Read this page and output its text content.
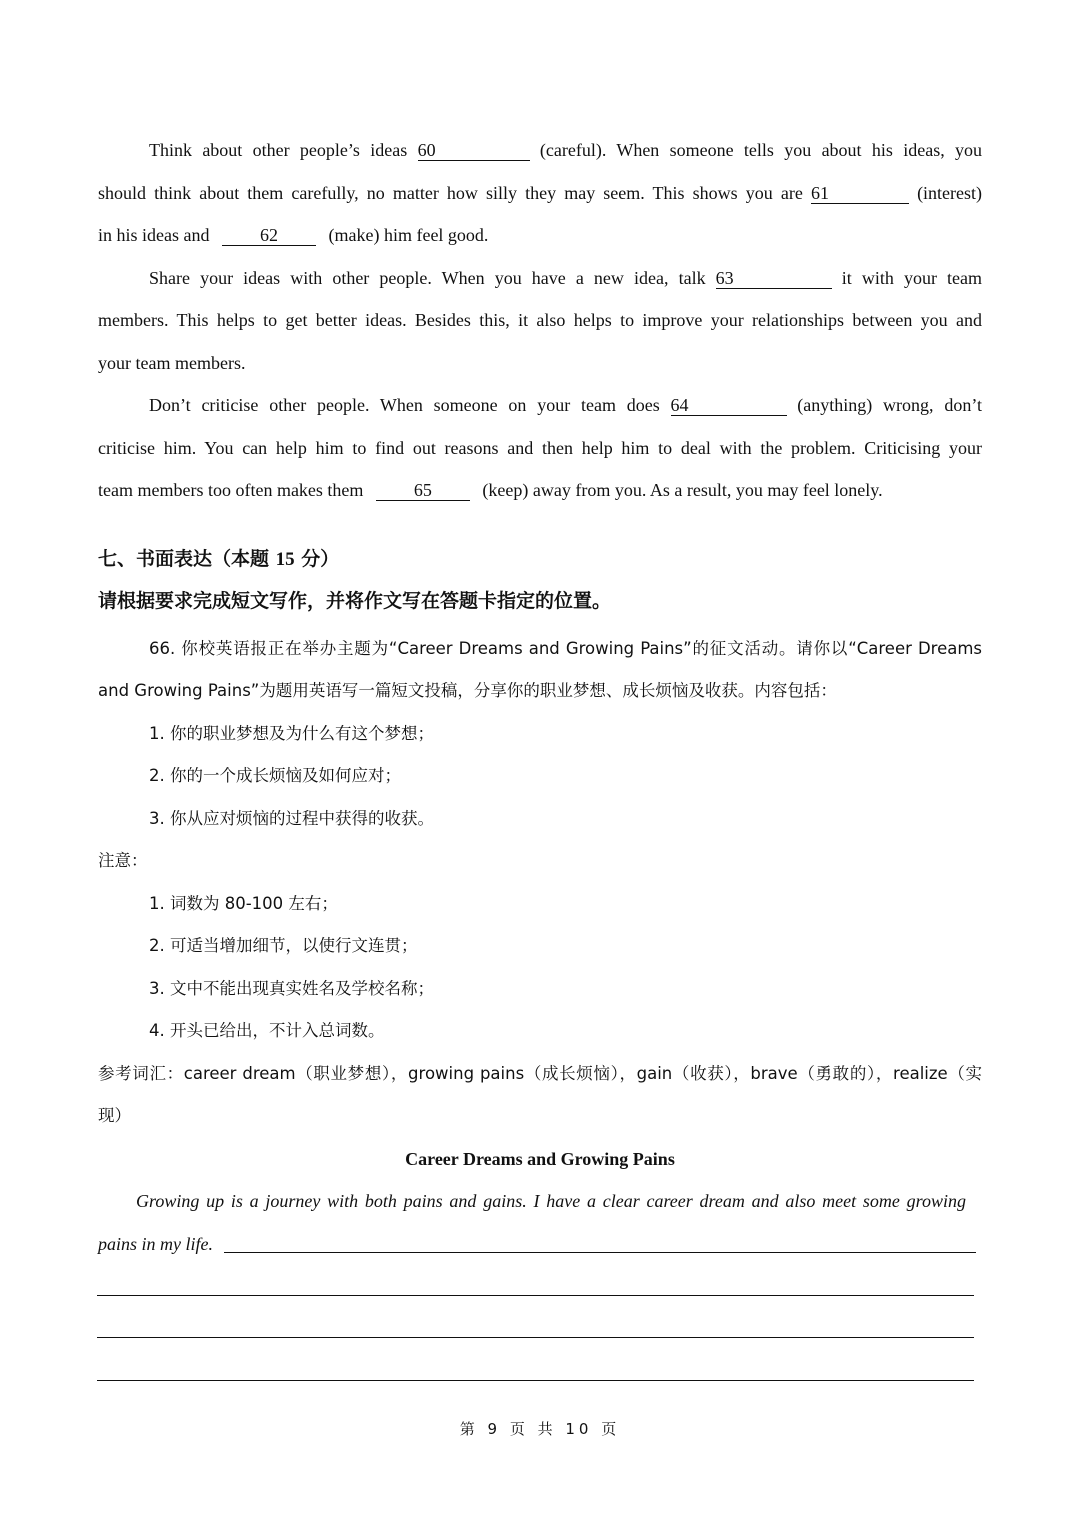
Think about other people’s ideas 60	(careful). When someone tells you about his ideas, you
should think about them carefully, no matter how silly they may seem. This shows you are 61	(interest)
in his ideas and	62	(make) him feel good.
Share your ideas with other people. When you have a new idea, talk 63	it with your team
members. This helps to get better ideas. Besides this, it also helps to improve your relationships between you and
your team members.
Don’t criticise other people. When someone on your team does 64	(anything) wrong, don’t
criticise him. You can help him to find out reasons and then help him to deal with the problem. Criticising your
team members too often makes them	65	(keep) away from you. As a result, you may feel lonely.
七、书面表达（本题 15 分）
请根据要求完成短文写作，并将作文写在答题卡指定的位置。
66. 你校英语报正在举办主题为“Career Dreams and Growing Pains”的征文活动。请你以“Career Dreams
and Growing Pains”为题用英语写一篇短文投稿，分享你的职业梦想、成长烦恼及收获。内容包括：
1. 你的职业梦想及为什么有这个梦想；
2. 你的一个成长烦恼及如何应对；
3. 你从应对烦恼的过程中获得的收获。
注意：
1. 词数为 80-100 左右；
2. 可适当增加细节，以使行文连贯；
3. 文中不能出现真实姓名及学校名称；
4. 开头已给出，不计入总词数。
参考词汇：career dream（职业梦想），growing pains（成长烦恼），gain（收获），brave（勇敢的），realize（实
现）
Career Dreams and Growing Pains
Growing up is a journey with both pains and gains. I have a clear career dream and also meet some growing
pains in my life.
第 9 页 共 10 页
